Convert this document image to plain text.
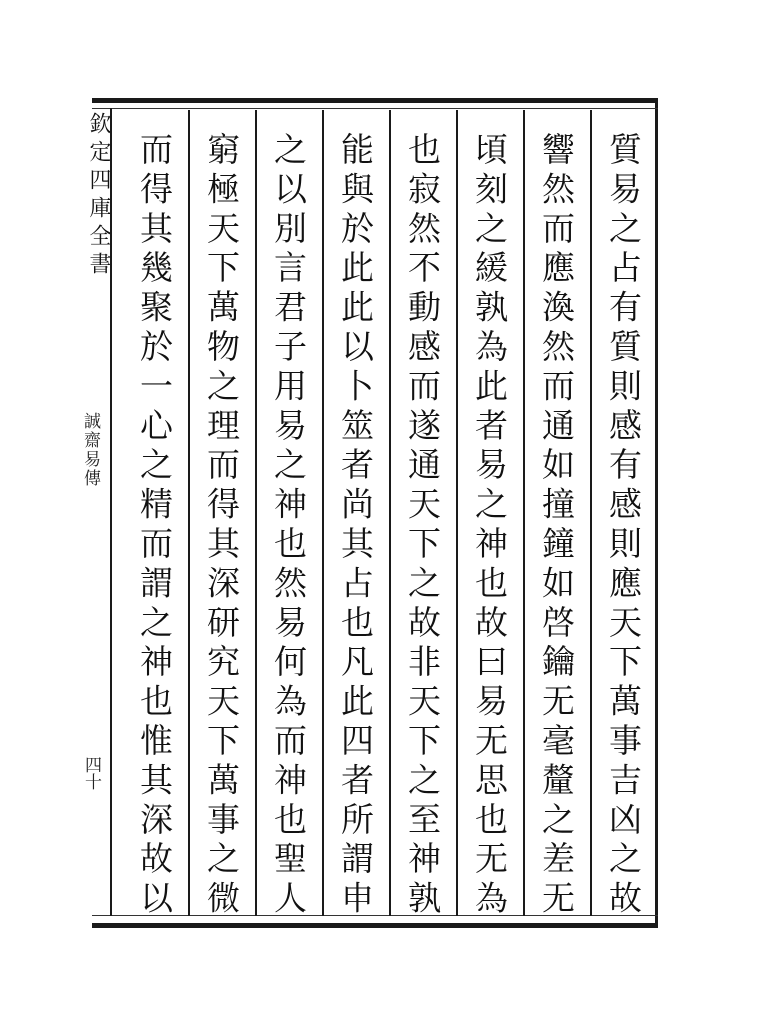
欽定四庫全書
誠齋易傳
四十	質易之占有質則感有感則應天下萬事吉凶之故
響然而應渙然而通如撞鐘如啓鑰无毫釐之差无
頃刻之緩孰為此者易之神也故曰易无思也无為
也寂然不動感而遂通天下之故非天下之至神孰
能與於此此以卜筮者尚其占也凡此四者所謂申
之以別言君子用易之神也然易何為而神也聖人
窮極天下萬物之理而得其深研究天下萬事之微
而得其幾聚於一心之精而謂之神也惟其深故以
